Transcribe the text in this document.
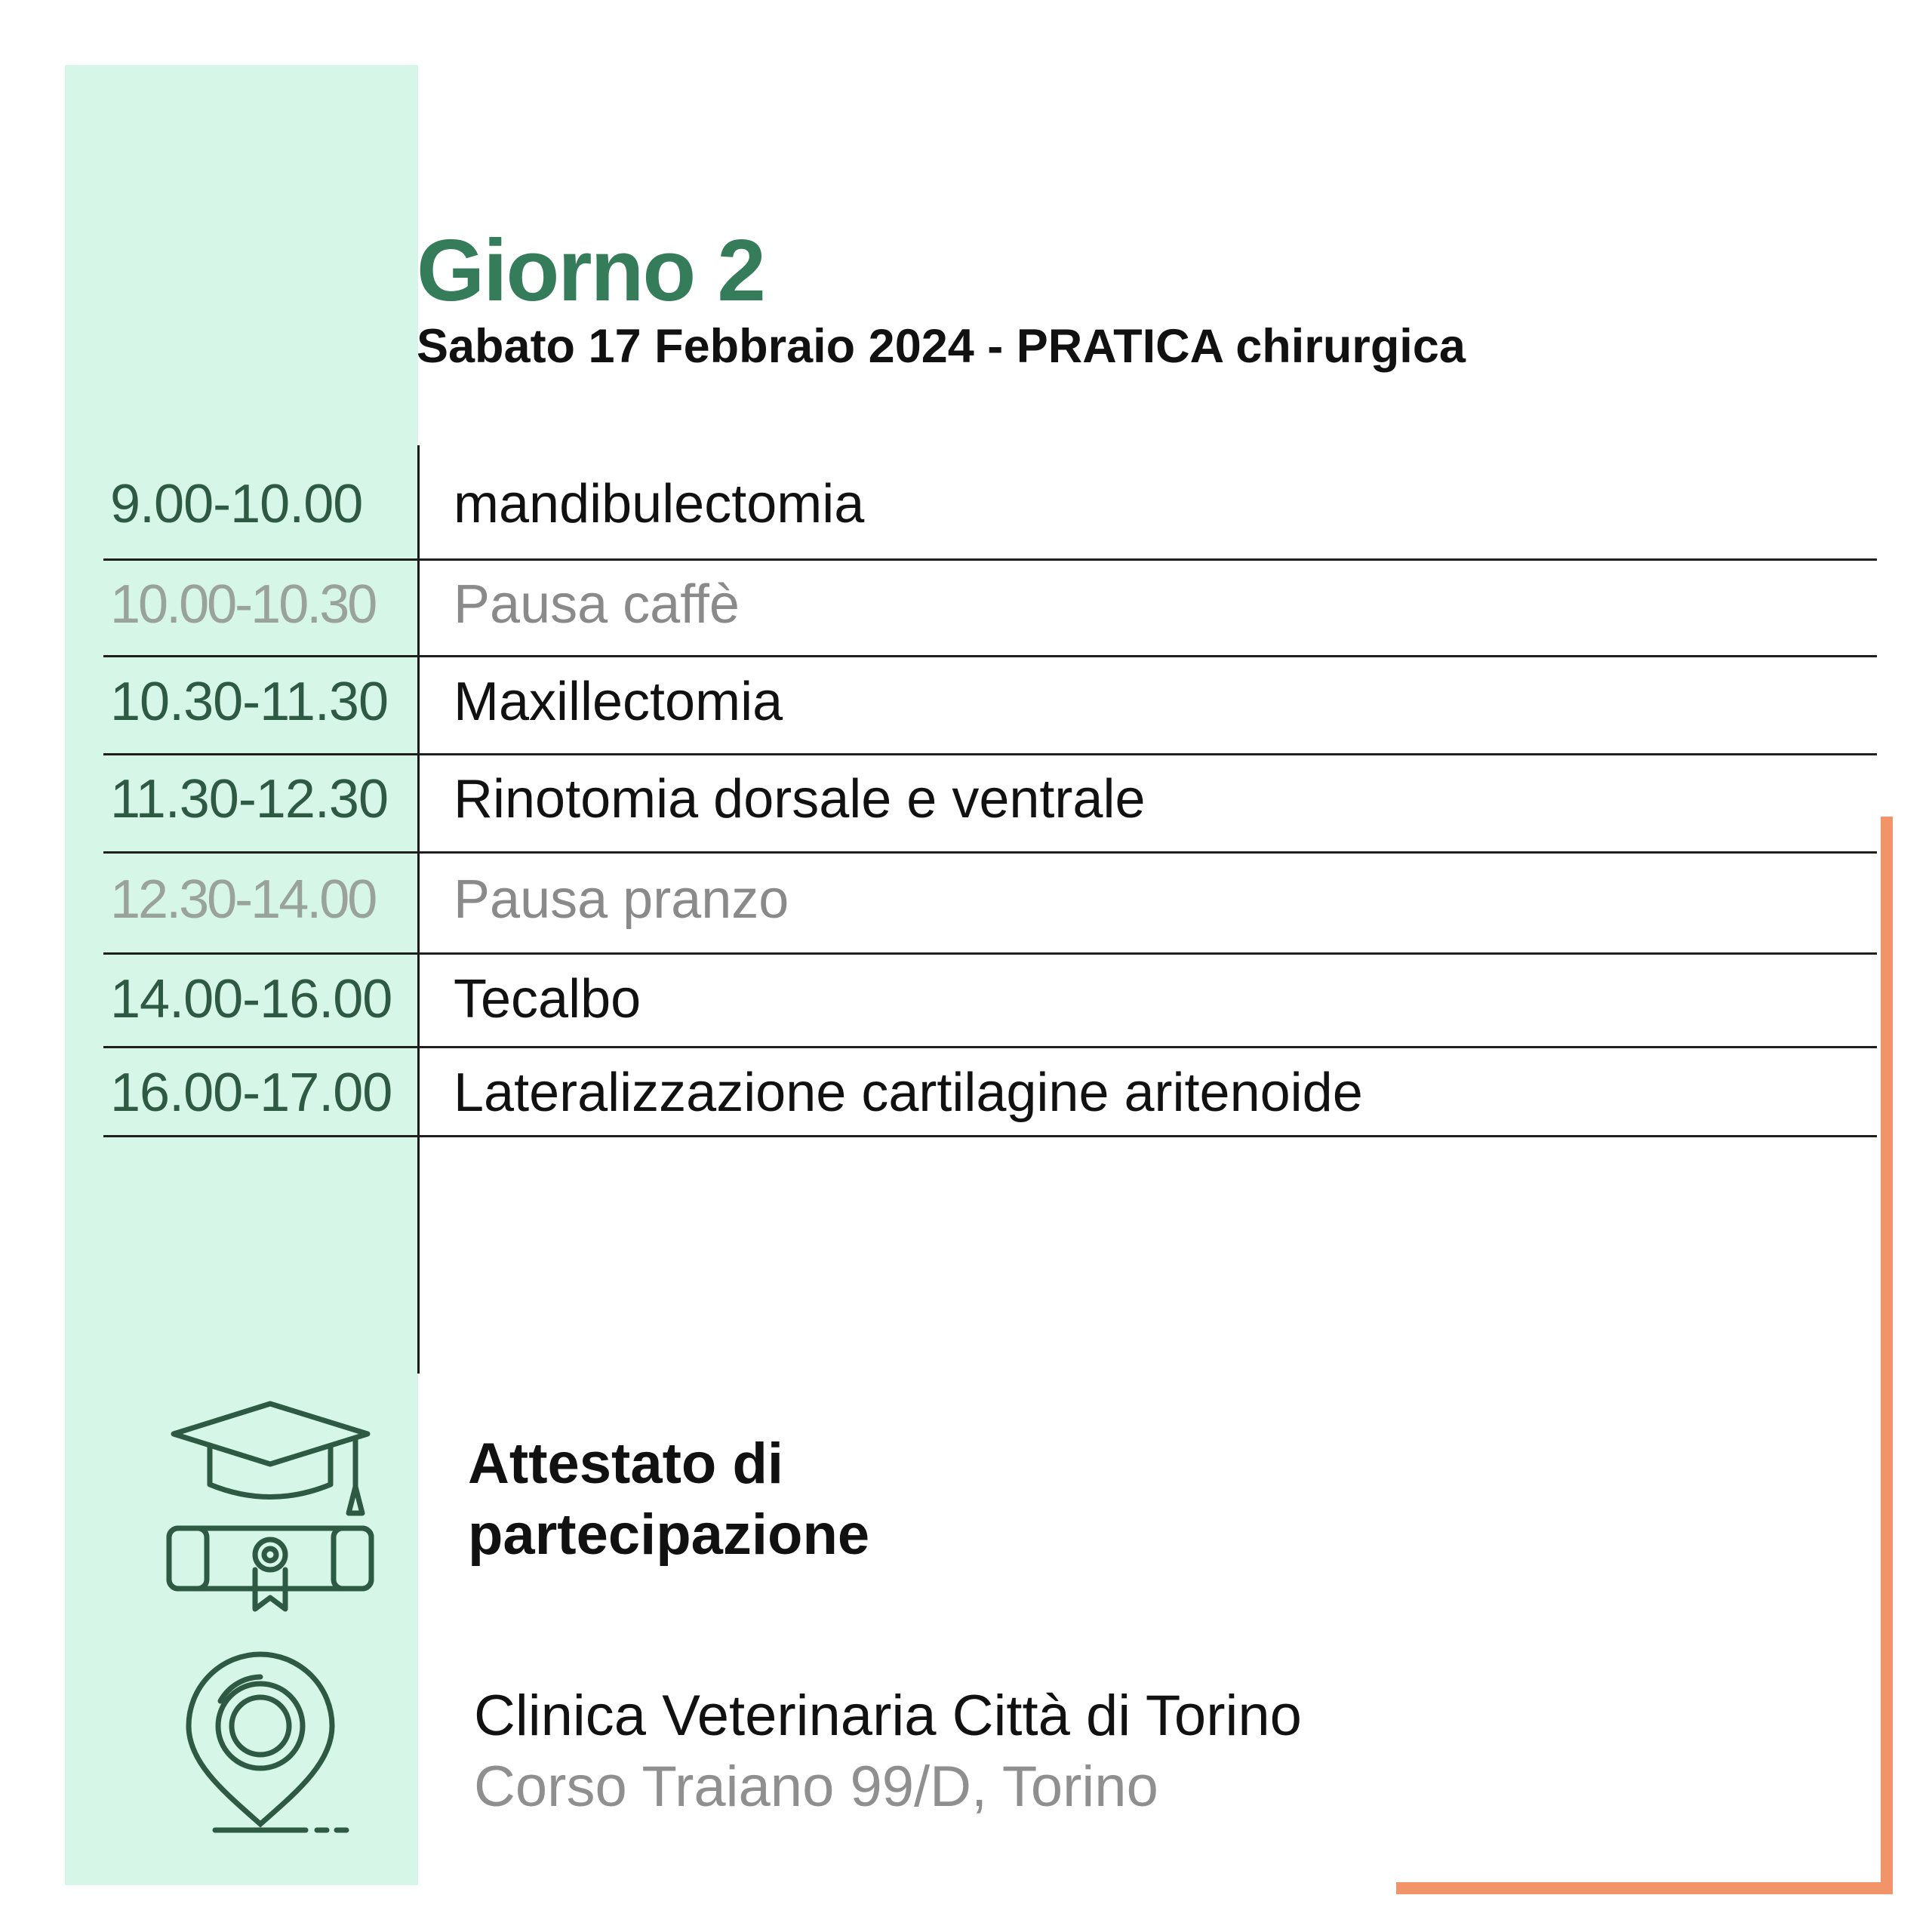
Giorno 2
Sabato 17 Febbraio 2024 - PRATICA chirurgica
9.00-10.00 mandibulectomia
10.00-10.30 Pausa caffè
10.30-11.30 Maxillectomia
11.30-12.30 Rinotomia dorsale e ventrale
12.30-14.00 Pausa pranzo
14.00-16.00 Tecalbo
16.00-17.00 Lateralizzazione cartilagine aritenoide
Attestato di
partecipazione

Clinica Veterinaria Città di Torino

Corso Traiano 99/D, Torino
